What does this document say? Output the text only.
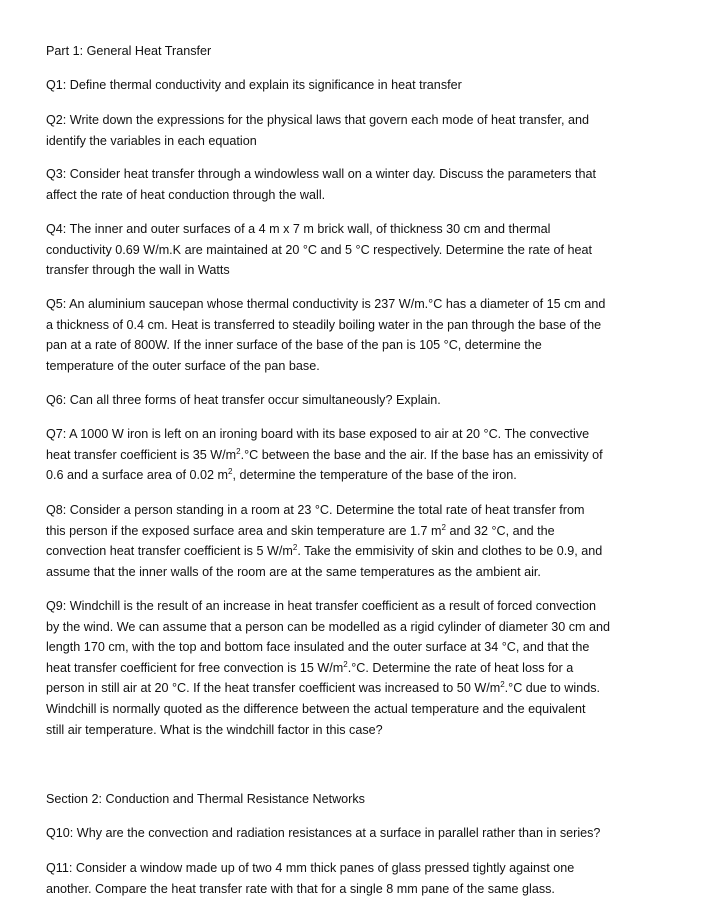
Part 1: General Heat Transfer

Q1: Define thermal conductivity and explain its significance in heat transfer

Q2: Write down the expressions for the physical laws that govern each mode of heat transfer, and

identify the variables in each equation

Q3: Consider heat transfer through a windowless wall on a winter day. Discuss the parameters that

affect the rate of heat conduction through the wall.

Q4: The inner and outer surfaces of a 4 m x 7 m brick wall, of thickness 30 cm and thermal

conductivity 0.69 W/m.K are maintained at 20 °C and 5 °C respectively. Determine the rate of heat

transfer through the wall in Watts

Q5: An aluminium saucepan whose thermal conductivity is 237 W/m.°C has a diameter of 15 cm and

a thickness of 0.4 cm. Heat is transferred to steadily boiling water in the pan through the base of the

pan at a rate of 800W. If the inner surface of the base of the pan is 105 °C, determine the

temperature of the outer surface of the pan base.

Q6: Can all three forms of heat transfer occur simultaneously? Explain.

Q7: A 1000 W iron is left on an ironing board with its base exposed to air at 20 °C. The convective

heat transfer coefficient is 35 $W/m^2.^\circ C$ between the base and the air. If the base has an emissivity of

0.6 and a surface area of 0.02 $m^2$, determine the temperature of the base of the iron.

Q8: Consider a person standing in a room at 23 °C. Determine the total rate of heat transfer from

this person if the exposed surface area and skin temperature are 1.7 $m^2$ and 32 °C, and the

convection heat transfer coefficient is 5 $W/m^2$. Take the emmisivity of skin and clothes to be 0.9, and

assume that the inner walls of the room are at the same temperatures as the ambient air.

Q9: Windchill is the result of an increase in heat transfer coefficient as a result of forced convection

by the wind. We can assume that a person can be modelled as a rigid cylinder of diameter 30 cm and

length 170 cm, with the top and bottom face insulated and the outer surface at 34 °C, and that the

heat transfer coefficient for free convection is 15 $W/m^2.^\circ C$. Determine the rate of heat loss for a

person in still air at 20 °C. If the heat transfer coefficient was increased to 50 $W/m^2.^\circ C$ due to winds.

Windchill is normally quoted as the difference between the actual temperature and the equivalent

still air temperature. What is the windchill factor in this case?

Section 2: Conduction and Thermal Resistance Networks

Q10: Why are the convection and radiation resistances at a surface in parallel rather than in series?

Q11: Consider a window made up of two 4 mm thick panes of glass pressed tightly against one

another. Compare the heat transfer rate with that for a single 8 mm pane of the same glass.
